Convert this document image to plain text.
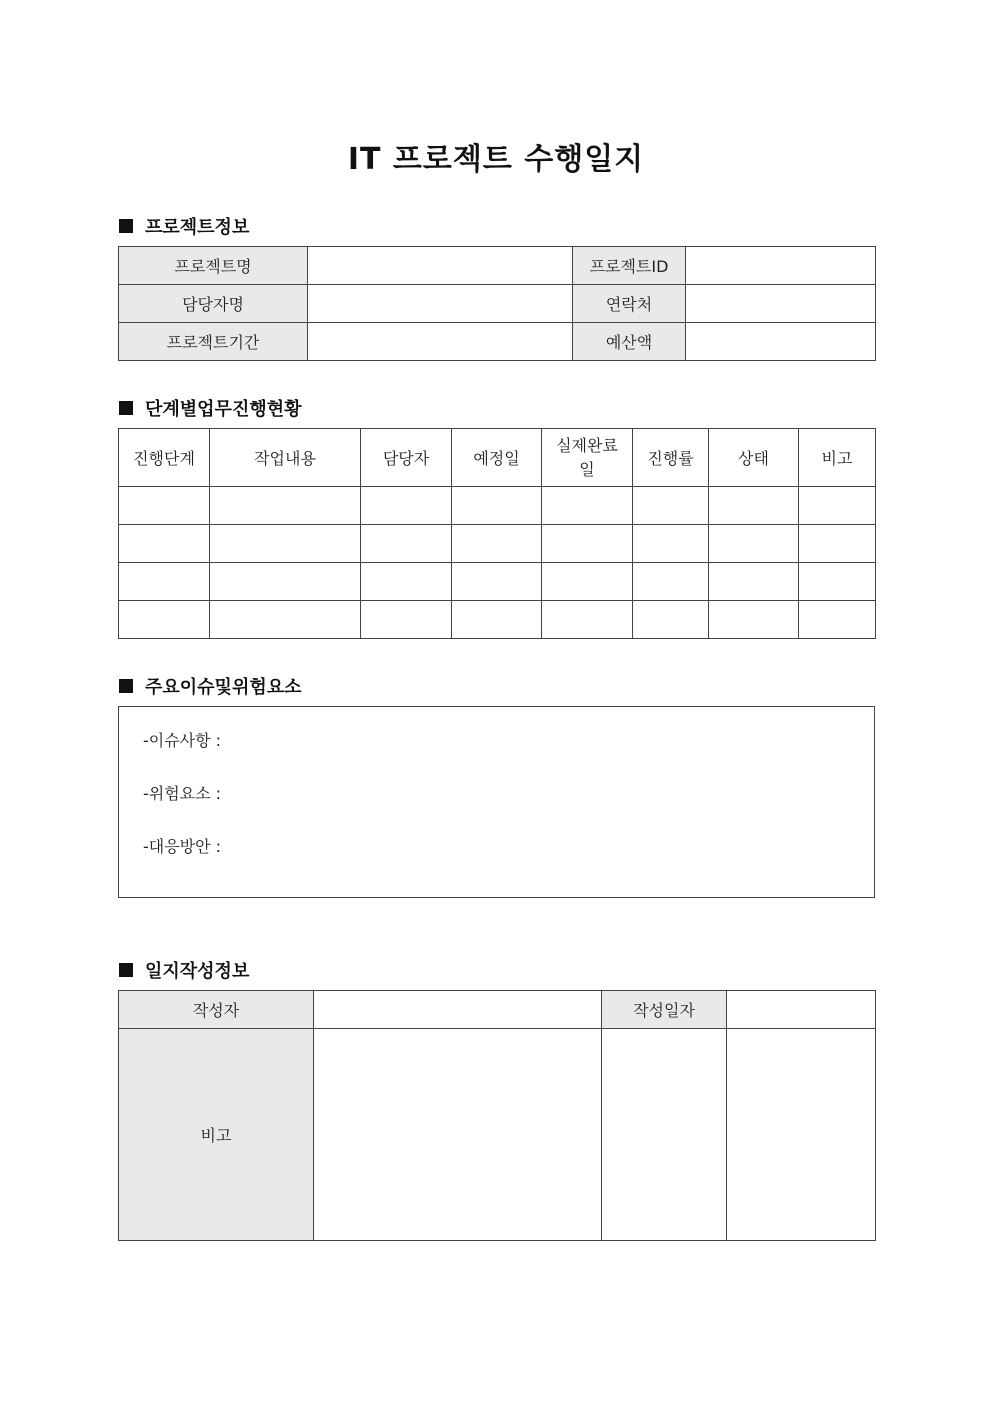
IT 프로젝트 수행일지
프로젝트정보
프로젝트명		프로젝트ID	
담당자명		연락처	
프로젝트기간		예산액	
단계별업무진행현황
진행단계	작업내용	담당자	예정일	실제완료일	진행률	상태	비고

주요이슈및위험요소
-이슈사항 :
-위험요소 :
-대응방안 :
일지작성정보
작성자		작성일자	
비고			
